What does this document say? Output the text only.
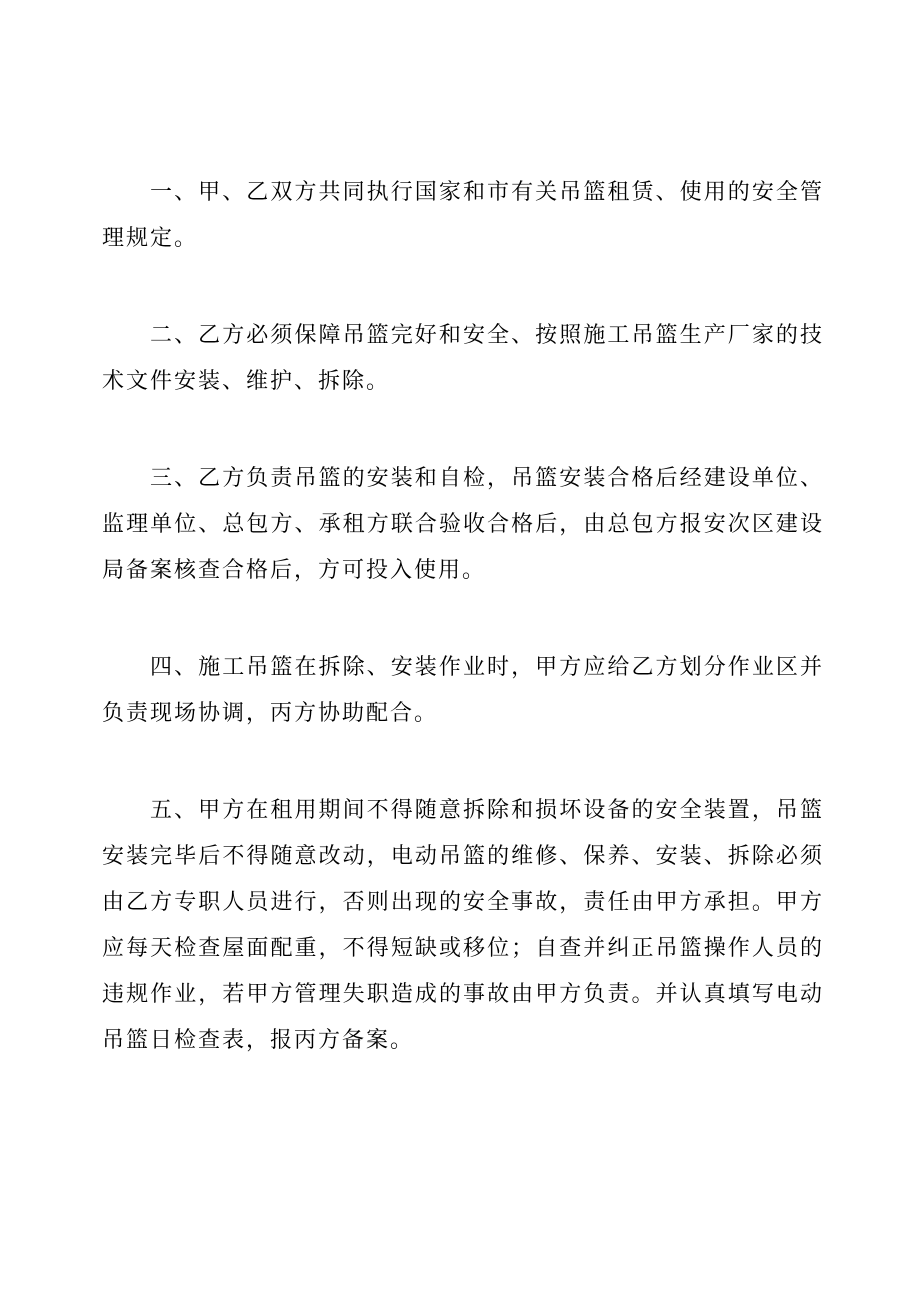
一、甲、乙双方共同执行国家和市有关吊篮租赁、使用的安全管理规定。

二、乙方必须保障吊篮完好和安全、按照施工吊篮生产厂家的技术文件安装、维护、拆除。

三、乙方负责吊篮的安装和自检，吊篮安装合格后经建设单位、监理单位、总包方、承租方联合验收合格后，由总包方报安次区建设局备案核查合格后，方可投入使用。

四、施工吊篮在拆除、安装作业时，甲方应给乙方划分作业区并负责现场协调，丙方协助配合。

五、甲方在租用期间不得随意拆除和损坏设备的安全装置，吊篮安装完毕后不得随意改动，电动吊篮的维修、保养、安装、拆除必须由乙方专职人员进行，否则出现的安全事故，责任由甲方承担。甲方应每天检查屋面配重，不得短缺或移位；自查并纠正吊篮操作人员的违规作业，若甲方管理失职造成的事故由甲方负责。并认真填写电动吊篮日检查表，报丙方备案。
